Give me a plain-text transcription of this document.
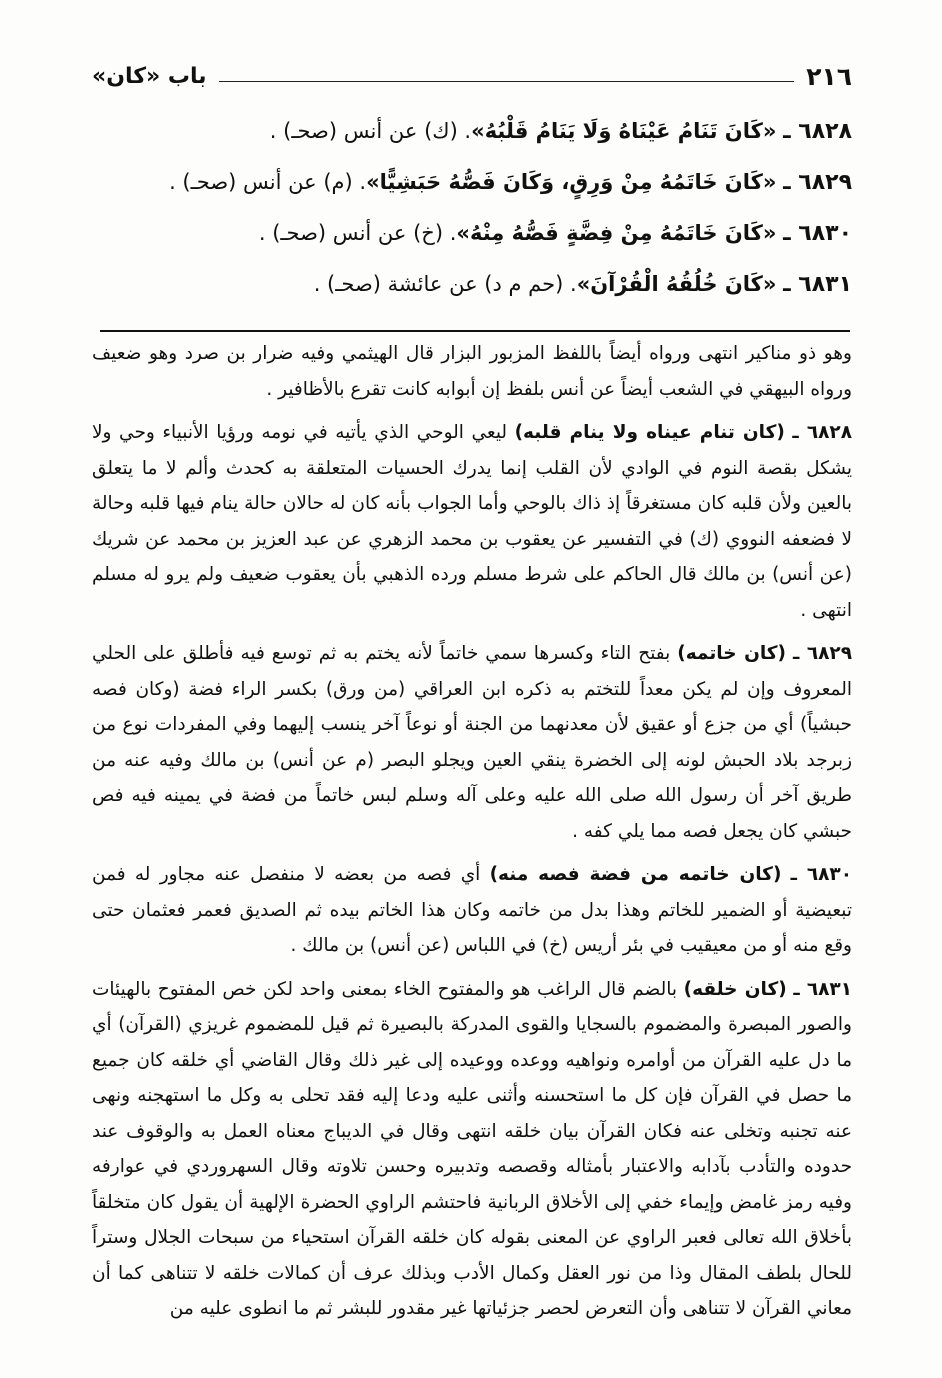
٢١٦
باب «كان»
٦٨٢٨ ـ «كَانَ تَنَامُ عَيْنَاهُ وَلَا يَنَامُ قَلْبُهُ». (ك) عن أنس (صحـ) .
٦٨٢٩ ـ «كَانَ خَاتَمُهُ مِنْ وَرِقٍ، وَكَانَ فَصُّهُ حَبَشِيًّا». (م) عن أنس (صحـ) .
٦٨٣٠ ـ «كَانَ خَاتَمُهُ مِنْ فِضَّةٍ فَصُّهُ مِنْهُ». (خ) عن أنس (صحـ) .
٦٨٣١ ـ «كَانَ خُلُقُهُ الْقُرْآنَ». (حم م د) عن عائشة (صحـ) .

وهو ذو مناكير انتهى ورواه أيضاً باللفظ المزبور البزار قال الهيثمي وفيه ضرار بن صرد وهو ضعيف ورواه البيهقي في الشعب أيضاً عن أنس بلفظ إن أبوابه كانت تقرع بالأظافير .

٦٨٢٨ ـ (كان تنام عيناه ولا ينام قلبه) ليعي الوحي الذي يأتيه في نومه ورؤيا الأنبياء وحي ولا يشكل بقصة النوم في الوادي لأن القلب إنما يدرك الحسيات المتعلقة به كحدث وألم لا ما يتعلق بالعين ولأن قلبه كان مستغرقاً إذ ذاك بالوحي وأما الجواب بأنه كان له حالان حالة ينام فيها قلبه وحالة لا فضعفه النووي (ك) في التفسير عن يعقوب بن محمد الزهري عن عبد العزيز بن محمد عن شريك (عن أنس) بن مالك قال الحاكم على شرط مسلم ورده الذهبي بأن يعقوب ضعيف ولم يرو له مسلم انتهى .

٦٨٢٩ ـ (كان خاتمه) بفتح التاء وكسرها سمي خاتماً لأنه يختم به ثم توسع فيه فأطلق على الحلي المعروف وإن لم يكن معداً للتختم به ذكره ابن العراقي (من ورق) بكسر الراء فضة (وكان فصه حبشياً) أي من جزع أو عقيق لأن معدنهما من الجنة أو نوعاً آخر ينسب إليهما وفي المفردات نوع من زبرجد بلاد الحبش لونه إلى الخضرة ينقي العين ويجلو البصر (م عن أنس) بن مالك وفيه عنه من طريق آخر أن رسول الله صلى الله عليه وعلى آله وسلم لبس خاتماً من فضة في يمينه فيه فص حبشي كان يجعل فصه مما يلي كفه .

٦٨٣٠ ـ (كان خاتمه من فضة فصه منه) أي فصه من بعضه لا منفصل عنه مجاور له فمن تبعيضية أو الضمير للخاتم وهذا بدل من خاتمه وكان هذا الخاتم بيده ثم الصديق فعمر فعثمان حتى وقع منه أو من معيقيب في بئر أريس (خ) في اللباس (عن أنس) بن مالك .

٦٨٣١ ـ (كان خلقه) بالضم قال الراغب هو والمفتوح الخاء بمعنى واحد لكن خص المفتوح بالهيئات والصور المبصرة والمضموم بالسجايا والقوى المدركة بالبصيرة ثم قيل للمضموم غريزي (القرآن) أي ما دل عليه القرآن من أوامره ونواهيه ووعده ووعيده إلى غير ذلك وقال القاضي أي خلقه كان جميع ما حصل في القرآن فإن كل ما استحسنه وأثنى عليه ودعا إليه فقد تحلى به وكل ما استهجنه ونهى عنه تجنبه وتخلى عنه فكان القرآن بيان خلقه انتهى وقال في الديباج معناه العمل به والوقوف عند حدوده والتأدب بآدابه والاعتبار بأمثاله وقصصه وتدبيره وحسن تلاوته وقال السهروردي في عوارفه وفيه رمز غامض وإيماء خفي إلى الأخلاق الربانية فاحتشم الراوي الحضرة الإلهية أن يقول كان متخلقاً بأخلاق الله تعالى فعبر الراوي عن المعنى بقوله كان خلقه القرآن استحياء من سبحات الجلال وستراً للحال بلطف المقال وذا من نور العقل وكمال الأدب وبذلك عرف أن كمالات خلقه لا تتناهى كما أن معاني القرآن لا تتناهى وأن التعرض لحصر جزئياتها غير مقدور للبشر ثم ما انطوى عليه من
